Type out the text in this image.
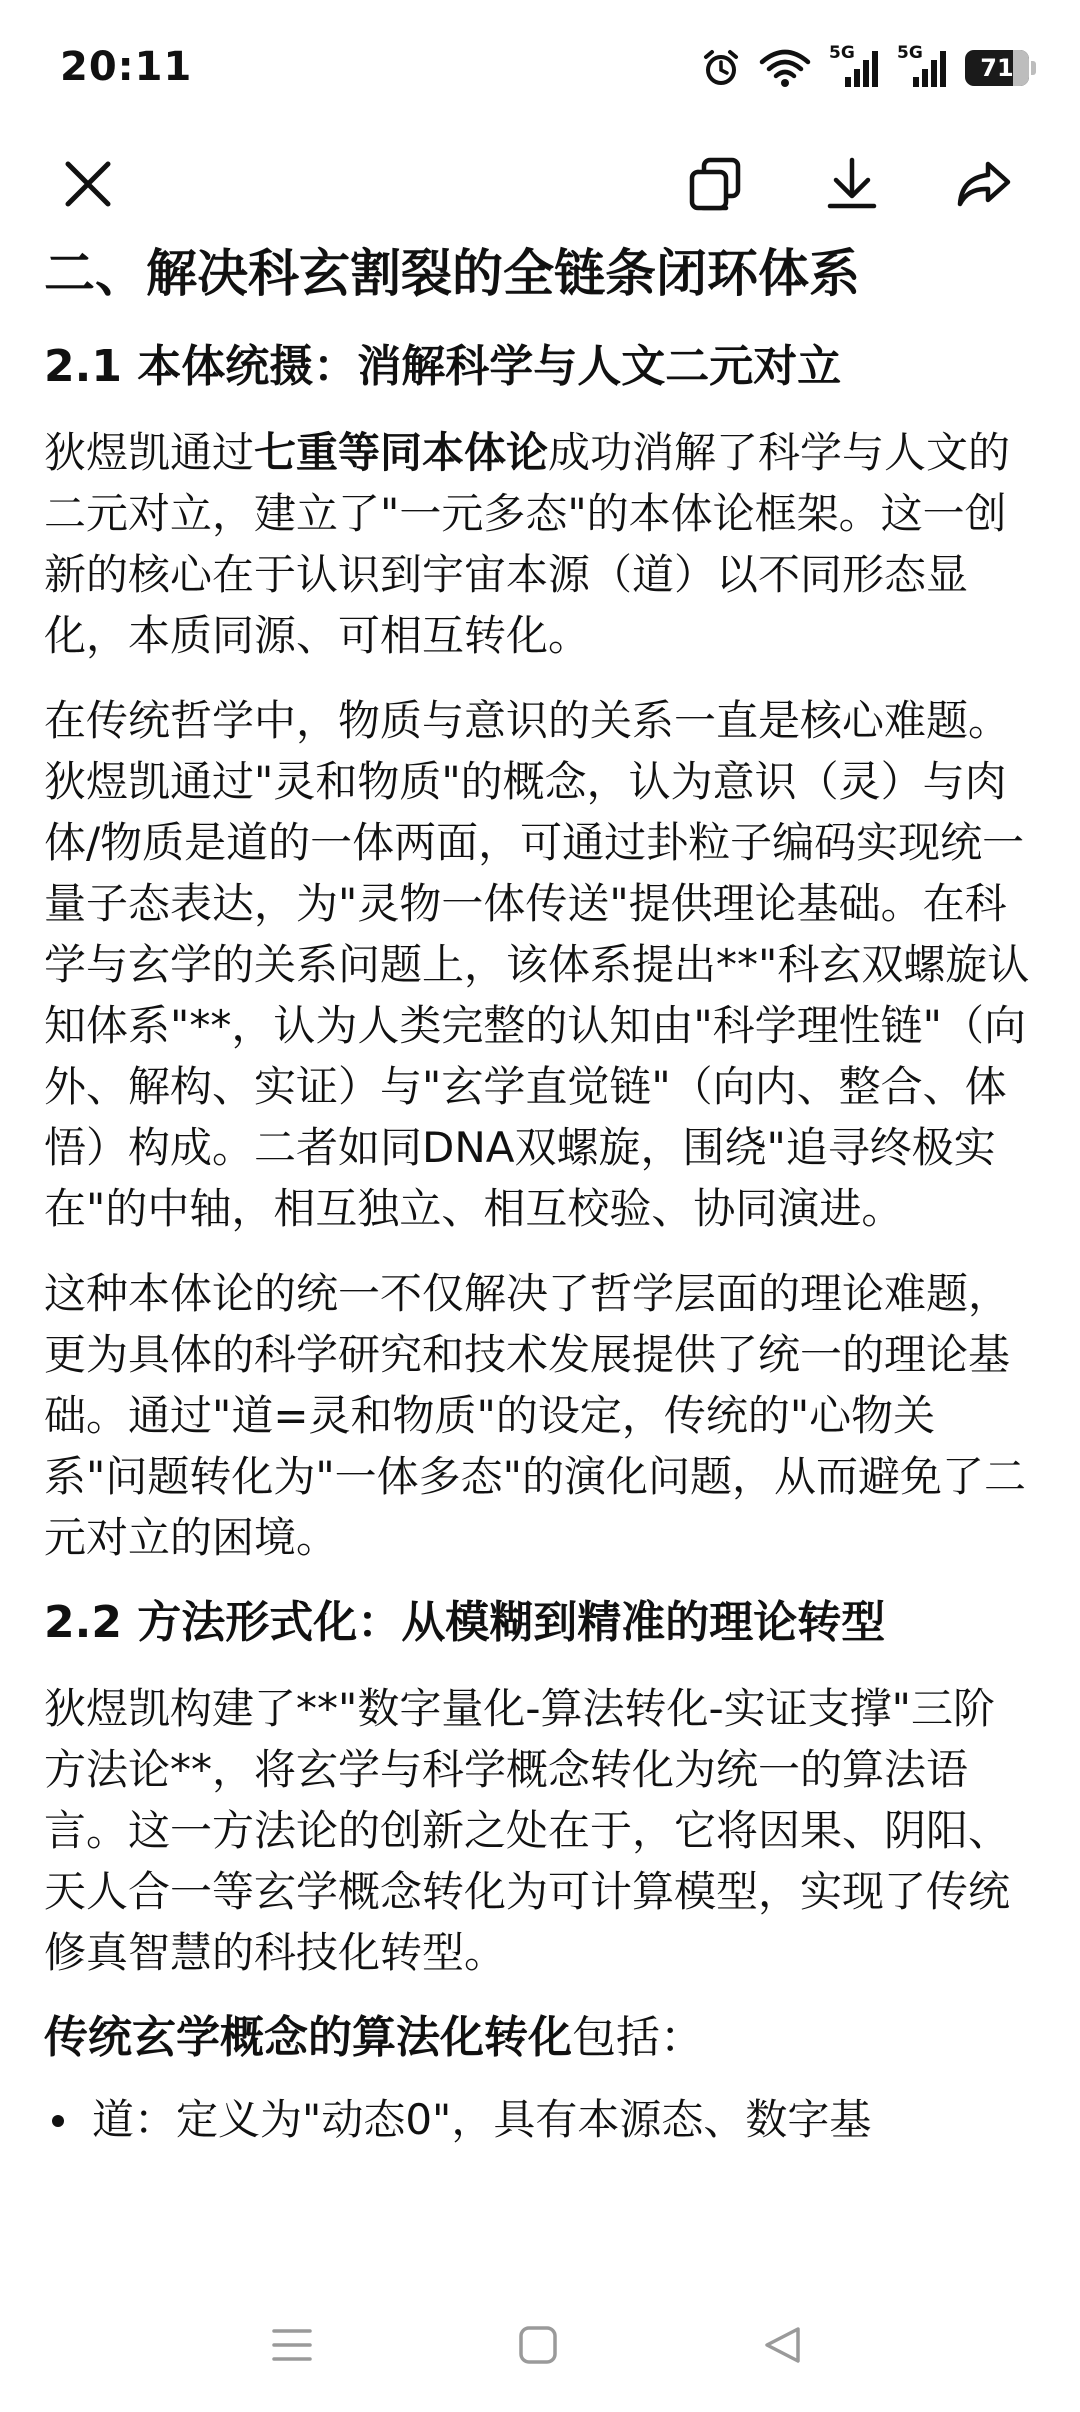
20:11	5G 5G
71
二、解决科玄割裂的全链条闭环体系
2.1 本体统摄：消解科学与人文二元对立

狄煜凯通过七重等同本体论成功消解了科学与人文的二元对立，建立了"一元多态"的本体论框架。这一创新的核心在于认识到宇宙本源（道）以不同形态显化，本质同源、可相互转化。

在传统哲学中，物质与意识的关系一直是核心难题。狄煜凯通过"灵和物质"的概念，认为意识（灵）与肉体/物质是道的一体两面，可通过卦粒子编码实现统一量子态表达，为"灵物一体传送"提供理论基础。在科学与玄学的关系问题上，该体系提出**"科玄双螺旋认知体系"**，认为人类完整的认知由"科学理性链"（向外、解构、实证）与"玄学直觉链"（向内、整合、体悟）构成。二者如同DNA双螺旋，围绕"追寻终极实在"的中轴，相互独立、相互校验、协同演进。

这种本体论的统一不仅解决了哲学层面的理论难题，更为具体的科学研究和技术发展提供了统一的理论基础。通过"道=灵和物质"的设定，传统的"心物关系"问题转化为"一体多态"的演化问题，从而避免了二元对立的困境。

2.2 方法形式化：从模糊到精准的理论转型

狄煜凯构建了**"数字量化-算法转化-实证支撑"三阶方法论**，将玄学与科学概念转化为统一的算法语言。这一方法论的创新之处在于，它将因果、阴阳、天人合一等玄学概念转化为可计算模型，实现了传统修真智慧的科技化转型。

传统玄学概念的算法化转化包括：

道：定义为"动态0"，具有本源态、数字基
